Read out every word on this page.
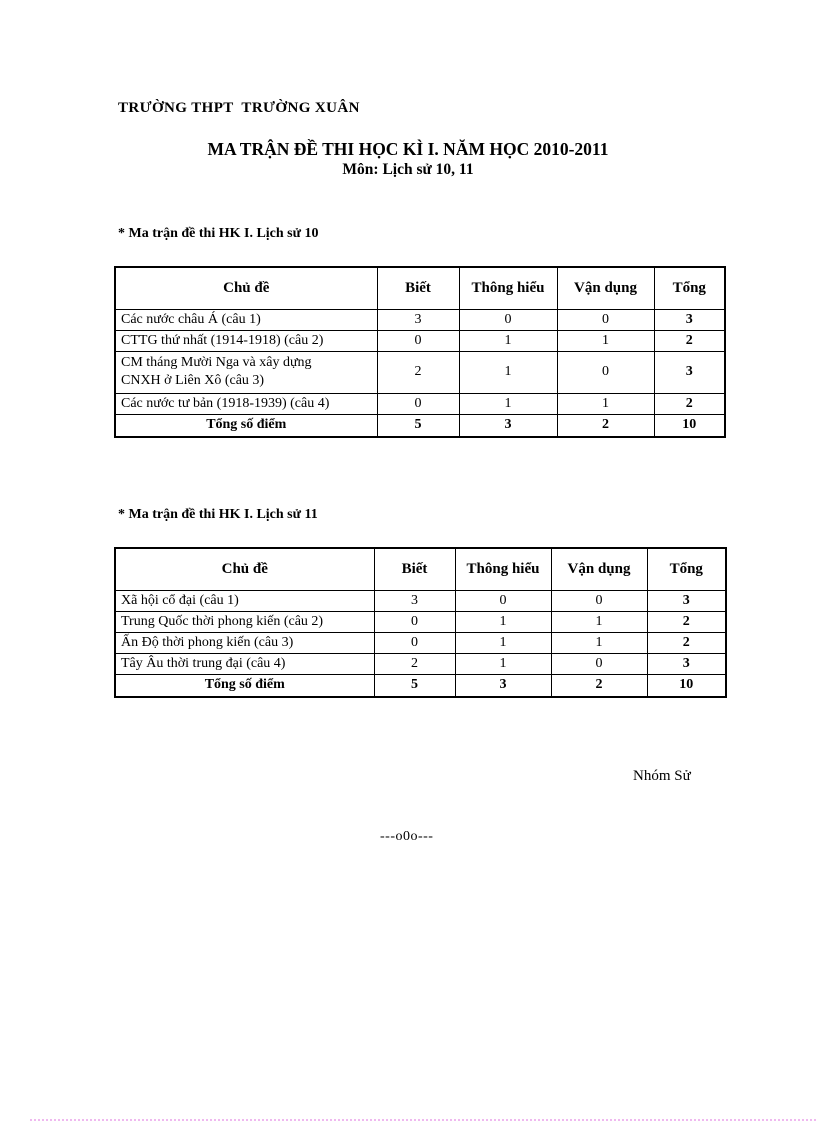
TRƯỜNG THPT  TRƯỜNG XUÂN
MA TRẬN ĐỀ THI HỌC KÌ I. NĂM HỌC 2010-2011
Môn: Lịch sử 10, 11
* Ma trận đề thi HK I. Lịch sử 10
Chủ đề	Biết	Thông hiểu	Vận dụng	Tổng
Các nước châu Á (câu 1)	3	0	0	3
CTTG thứ nhất (1914-1918) (câu 2)	0	1	1	2
CM tháng Mười Nga và xây dựng CNXH ở Liên Xô (câu 3)	2	1	0	3
Các nước tư bản (1918-1939) (câu 4)	0	1	1	2
Tổng số điểm	5	3	2	10
* Ma trận đề thi HK I. Lịch sử 11
Chủ đề	Biết	Thông hiểu	Vận dụng	Tổng
Xã hội cổ đại (câu 1)	3	0	0	3
Trung Quốc thời phong kiến (câu 2)	0	1	1	2
Ấn Độ thời phong kiến (câu 3)	0	1	1	2
Tây Âu thời trung đại (câu 4)	2	1	0	3
Tổng số điểm	5	3	2	10
Nhóm Sử
---o0o---
